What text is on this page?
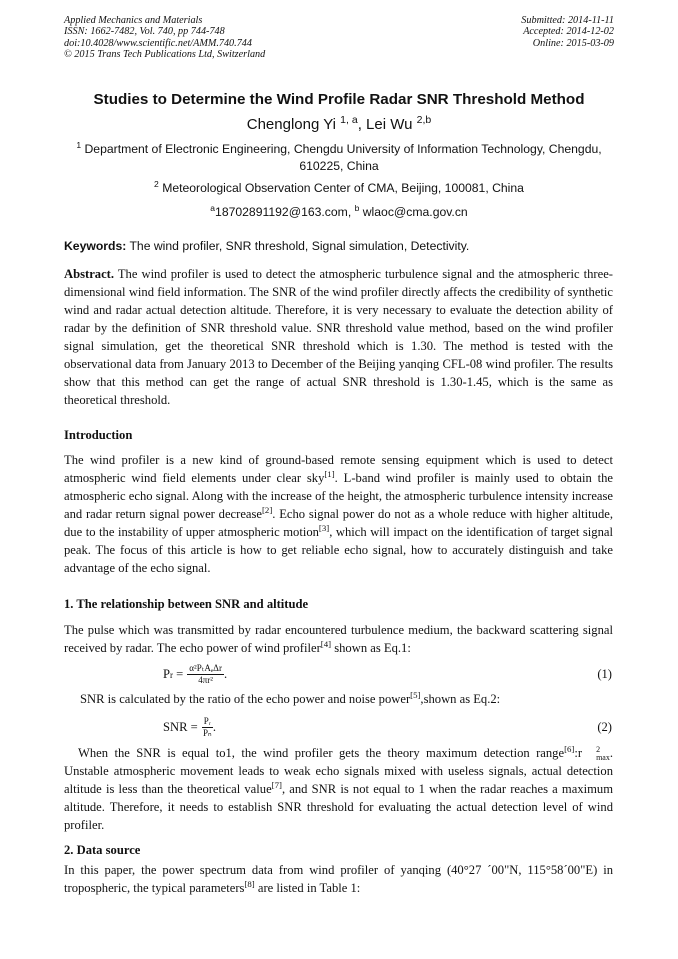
Applied Mechanics and Materials
ISSN: 1662-7482, Vol. 740, pp 744-748
doi:10.4028/www.scientific.net/AMM.740.744
© 2015 Trans Tech Publications Ltd, Switzerland
Submitted: 2014-11-11
Accepted: 2014-12-02
Online: 2015-03-09
Studies to Determine the Wind Profile Radar SNR Threshold Method
Chenglong Yi $^{1, a}$, Lei Wu $^{2,b}$
$^1$ Department of Electronic Engineering, Chengdu University of Information Technology, Chengdu, 610225, China
$^2$ Meteorological Observation Center of CMA, Beijing, 100081, China
$^a$18702891192@163.com, $^b$ wlaoc@cma.gov.cn
Keywords: The wind profiler, SNR threshold, Signal simulation, Detectivity.
Abstract. The wind profiler is used to detect the atmospheric turbulence signal and the atmospheric three-dimensional wind field information. The SNR of the wind profiler directly affects the credibility of synthetic wind and radar actual detection altitude. Therefore, it is very necessary to evaluate the detection ability of radar by the definition of SNR threshold value. SNR threshold value method, based on the wind profiler signal simulation, get the theoretical SNR threshold which is 1.30. The method is tested with the observational data from January 2013 to December of the Beijing yanqing CFL-08 wind profiler. The results show that this method can get the range of actual SNR threshold is 1.30-1.45, which is the same as theoretical threshold.
Introduction
The wind profiler is a new kind of ground-based remote sensing equipment which is used to detect atmospheric wind field elements under clear sky[1]. L-band wind profiler is mainly used to obtain the atmospheric echo signal. Along with the increase of the height, the atmospheric turbulence intensity increase and radar return signal power decrease[2]. Echo signal power do not as a whole reduce with higher altitude, due to the instability of upper atmospheric motion[3], which will impact on the identification of target signal peak. The focus of this article is how to get reliable echo signal, how to accurately distinguish and take advantage of the echo signal.
1. The relationship between SNR and altitude
The pulse which was transmitted by radar encountered turbulence medium, the backward scattering signal received by radar. The echo power of wind profiler[4] shown as Eq.1:
P $r = \frac{\text{α²PₜAₑΔr}}{\text{4πr²}}$ .	(1)
SNR is calculated by the ratio of the echo power and noise power[5],shown as Eq.2:
SNR = $\frac{\text{Pᵣ}}{\text{Pₙ}}$ .	(2)
When the SNR is equal to1, the wind profiler gets the theory maximum detection range[6]:r	2
max . Unstable atmospheric movement leads to weak echo signals mixed with useless signals, actual detection altitude is less than the theoretical value[7], and SNR is not equal to 1 when the radar reaches a maximum altitude. Therefore, it needs to establish SNR threshold for evaluating the actual detection level of wind profiler.
2. Data source
In this paper, the power spectrum data from wind profiler of yanqing (40°27 ´00"N, 115°58´00"E) in tropospheric, the typical parameters[8] are listed in Table 1:
